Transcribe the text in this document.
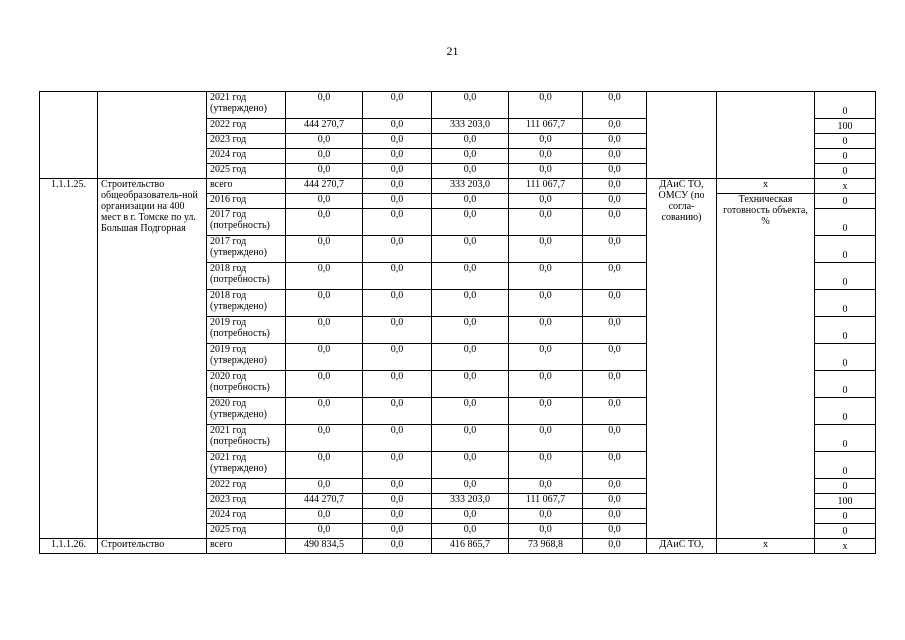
21
		2021 год (утверждено)	0,0	0,0	0,0	0,0	0,0			0
		2022 год	444 270,7	0,0	333 203,0	111 067,7	0,0			100
		2023 год	0,0	0,0	0,0	0,0	0,0			0
		2024 год	0,0	0,0	0,0	0,0	0,0			0
		2025 год	0,0	0,0	0,0	0,0	0,0			0
1.1.1.25.	Строительство общеобразователь-ной организации на 400 мест в г. Томске по ул. Большая Подгорная	всего	444 270,7	0,0	333 203,0	111 067,7	0,0	ДАиС ТО, ОМСУ (по согла-сованию)	x	x
		2016 год	0,0	0,0	0,0	0,0	0,0		Техническая готовность объекта, %	0
		2017 год (потребность)	0,0	0,0	0,0	0,0	0,0			0
		2017 год (утверждено)	0,0	0,0	0,0	0,0	0,0			0
		2018 год (потребность)	0,0	0,0	0,0	0,0	0,0			0
		2018 год (утверждено)	0,0	0,0	0,0	0,0	0,0			0
		2019 год (потребность)	0,0	0,0	0,0	0,0	0,0			0
		2019 год (утверждено)	0,0	0,0	0,0	0,0	0,0			0
		2020 год (потребность)	0,0	0,0	0,0	0,0	0,0			0
		2020 год (утверждено)	0,0	0,0	0,0	0,0	0,0			0
		2021 год (потребность)	0,0	0,0	0,0	0,0	0,0			0
		2021 год (утверждено)	0,0	0,0	0,0	0,0	0,0			0
		2022 год	0,0	0,0	0,0	0,0	0,0			0
		2023 год	444 270,7	0,0	333 203,0	111 067,7	0,0			100
		2024 год	0,0	0,0	0,0	0,0	0,0			0
		2025 год	0,0	0,0	0,0	0,0	0,0			0
1.1.1.26.	Строительство	всего	490 834,5	0,0	416 865,7	73 968,8	0,0	ДАиС ТО,	x	x
